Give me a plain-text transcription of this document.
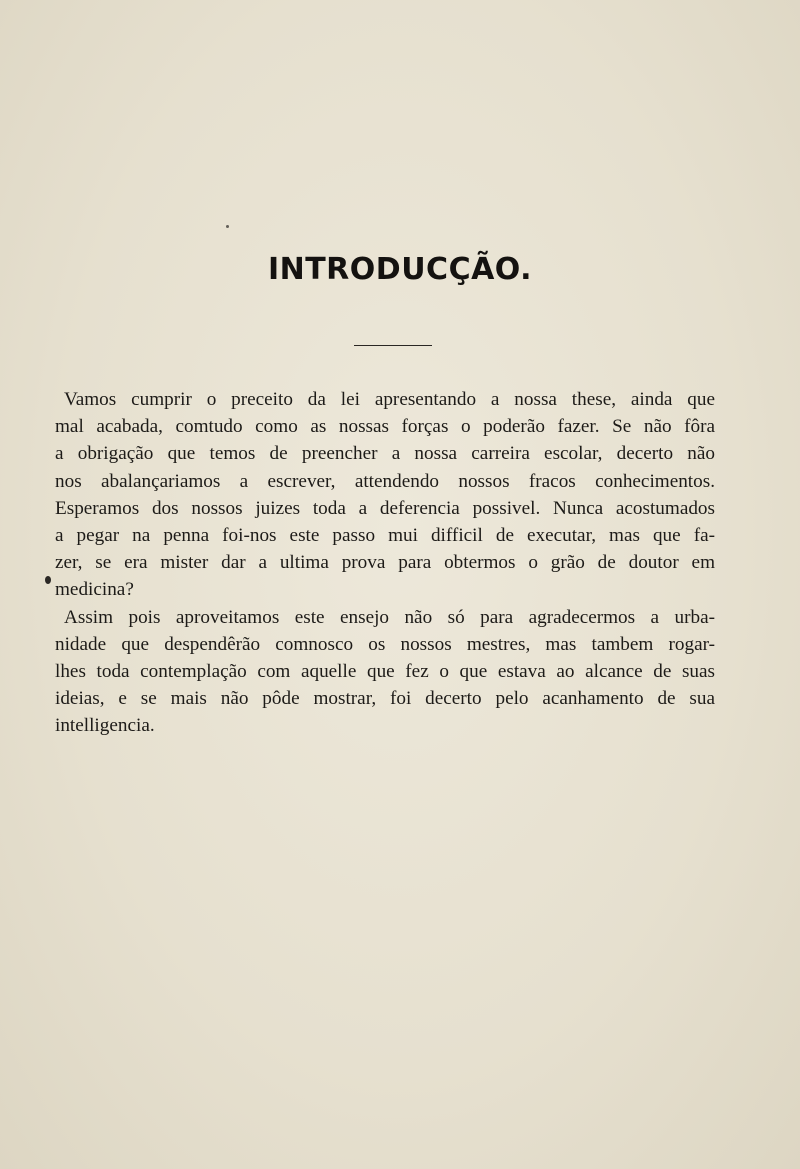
INTRODUCÇÃO.
Vamos cumprir o preceito da lei apresentando a nossa these, ainda que
mal acabada, comtudo como as nossas forças o poderão fazer. Se não fôra
a obrigação que temos de preencher a nossa carreira escolar, decerto não
nos abalançariamos a escrever, attendendo nossos fracos conhecimentos.
Esperamos dos nossos juizes toda a deferencia possivel. Nunca acostumados
a pegar na penna foi-nos este passo mui difficil de executar, mas que fa-
zer, se era mister dar a ultima prova para obtermos o grão de doutor em
medicina?
Assim pois aproveitamos este ensejo não só para agradecermos a urba-
nidade que despendêrão comnosco os nossos mestres, mas tambem rogar-
lhes toda contemplação com aquelle que fez o que estava ao alcance de suas
ideias, e se mais não pôde mostrar, foi decerto pelo acanhamento de sua
intelligencia.
